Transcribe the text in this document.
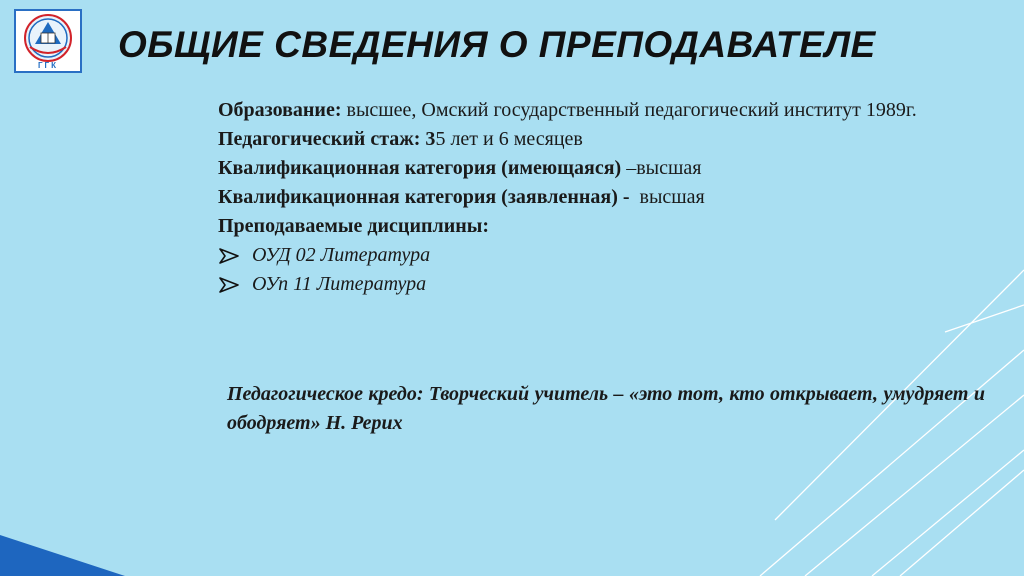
ГГК
ОБЩИЕ СВЕДЕНИЯ О ПРЕПОДАВАТЕЛЕ
Образование: высшее, Омский государственный педагогический институт 1989г.
Педагогический стаж: 35 лет и 6 месяцев
Квалификационная категория (имеющаяся) –высшая
Квалификационная категория (заявленная) -  высшая
Преподаваемые дисциплины:
ОУД 02 Литература
ОУп 11 Литература
Педагогическое кредо: Творческий учитель – «это тот, кто открывает, умудряет и ободряет» Н. Рерих
